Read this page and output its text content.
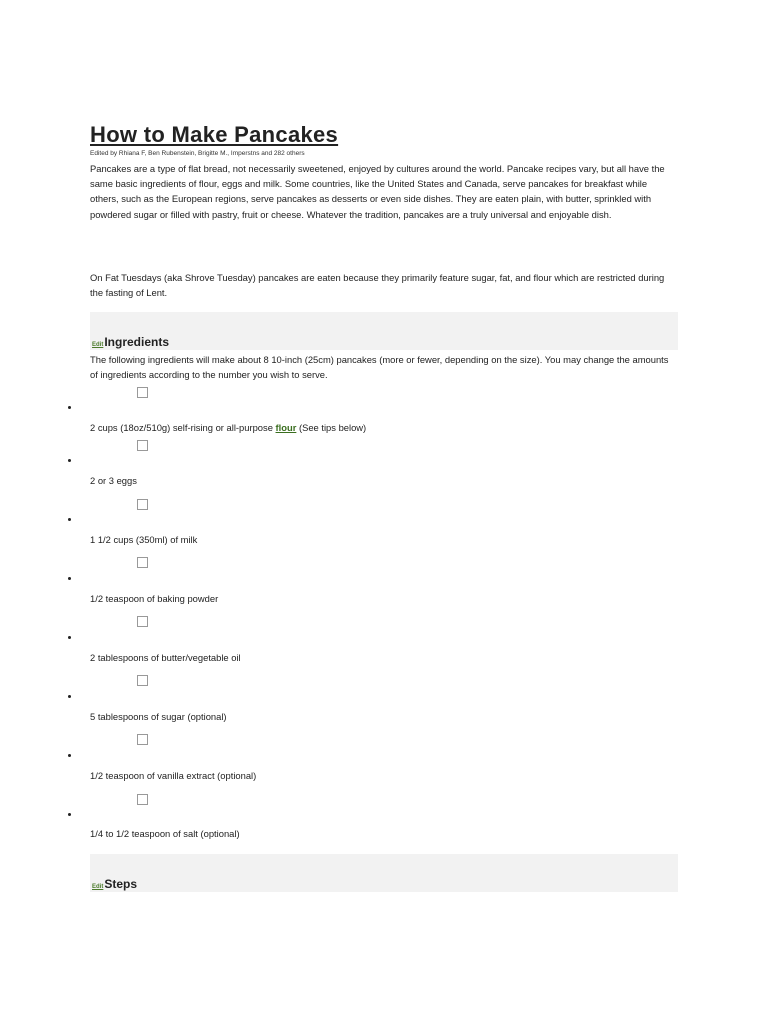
How to Make Pancakes
Edited by Rhiana F, Ben Rubenstein, Brigitte M., Imperstns and 282 others

Pancakes are a type of flat bread, not necessarily sweetened, enjoyed by cultures around the world. Pancake recipes vary, but all have the same basic ingredients of flour, eggs and milk. Some countries, like the United States and Canada, serve pancakes for breakfast while others, such as the European regions, serve pancakes as desserts or even side dishes. They are eaten plain, with butter, sprinkled with powdered sugar or filled with pastry, fruit or cheese. Whatever the tradition, pancakes are a truly universal and enjoyable dish.

On Fat Tuesdays (aka Shrove Tuesday) pancakes are eaten because they primarily feature sugar, fat, and flour which are restricted during the fasting of Lent.

EditIngredients

The following ingredients will make about 8 10-inch (25cm) pancakes (more or fewer, depending on the size). You may change the amounts of ingredients according to the number you wish to serve.

2 cups (18oz/510g) self-rising or all-purpose flour (See tips below)
2 or 3 eggs
1 1/2 cups (350ml) of milk
1/2 teaspoon of baking powder
2 tablespoons of butter/vegetable oil
5 tablespoons of sugar (optional)
1/2 teaspoon of vanilla extract (optional)
1/4 to 1/2 teaspoon of salt (optional)
EditSteps
